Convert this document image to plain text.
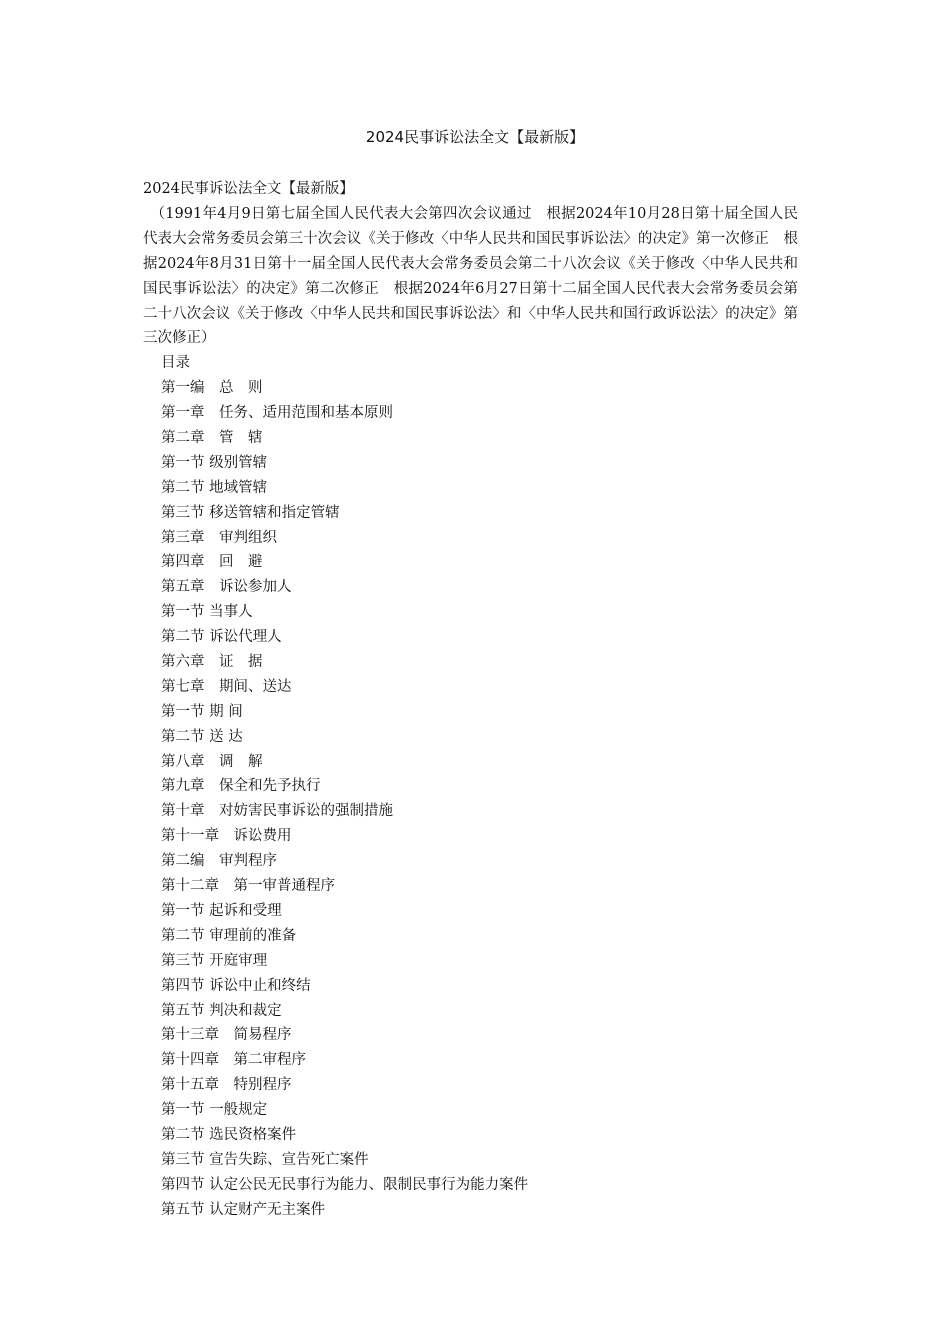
2024民事诉讼法全文【最新版】
2024民事诉讼法全文【最新版】
　（1991年4月9日第七届全国人民代表大会第四次会议通过　根据2024年10月28日第十届全国人民代表大会常务委员会第三十次会议《关于修改〈中华人民共和国民事诉讼法〉的决定》第一次修正　根据2024年8月31日第十一届全国人民代表大会常务委员会第二十八次会议《关于修改〈中华人民共和国民事诉讼法〉的决定》第二次修正　根据2024年6月27日第十二届全国人民代表大会常务委员会第二十八次会议《关于修改〈中华人民共和国民事诉讼法〉和〈中华人民共和国行政诉讼法〉的决定》第三次修正）
目录
第一编　总　则
第一章　任务、适用范围和基本原则
第二章　管　辖
第一节 级别管辖
第二节 地域管辖
第三节 移送管辖和指定管辖
第三章　审判组织
第四章　回　避
第五章　诉讼参加人
第一节 当事人
第二节 诉讼代理人
第六章　证　据
第七章　期间、送达
第一节 期 间
第二节 送 达
第八章　调　解
第九章　保全和先予执行
第十章　对妨害民事诉讼的强制措施
第十一章　诉讼费用
第二编　审判程序
第十二章　第一审普通程序
第一节 起诉和受理
第二节 审理前的准备
第三节 开庭审理
第四节 诉讼中止和终结
第五节 判决和裁定
第十三章　简易程序
第十四章　第二审程序
第十五章　特别程序
第一节 一般规定
第二节 选民资格案件
第三节 宣告失踪、宣告死亡案件
第四节 认定公民无民事行为能力、限制民事行为能力案件
第五节 认定财产无主案件
